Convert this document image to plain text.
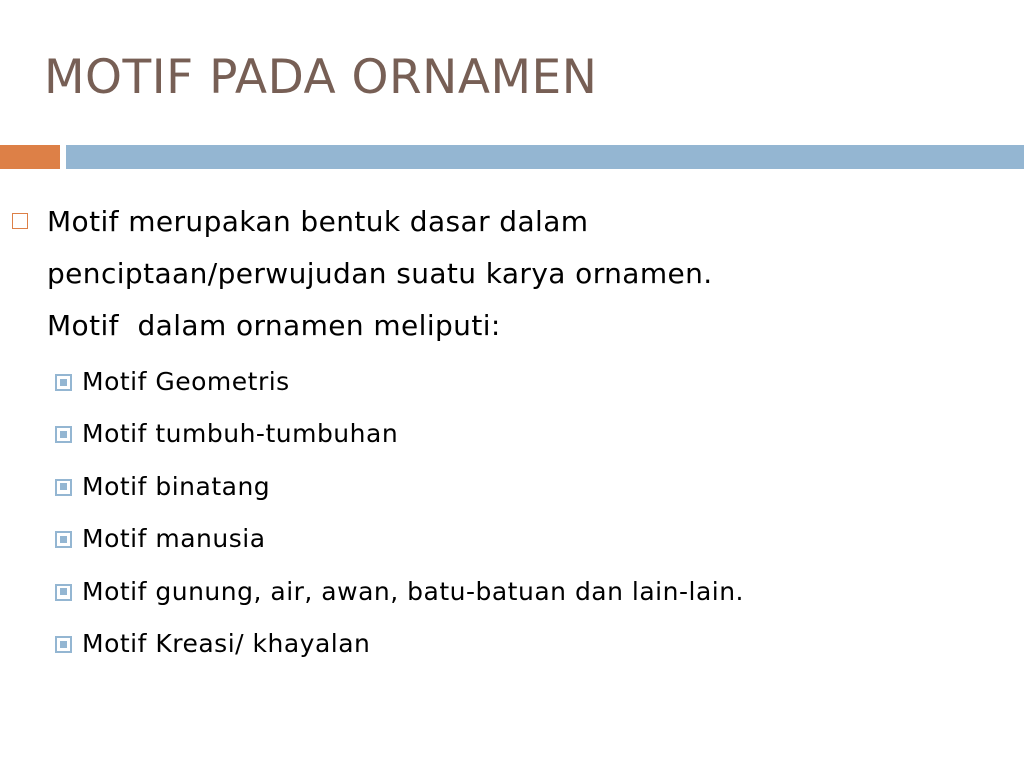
MOTIF PADA ORNAMEN
Motif merupakan bentuk dasar dalam
penciptaan/perwujudan suatu karya ornamen.
Motif  dalam ornamen meliputi:
Motif Geometris
Motif tumbuh-tumbuhan
Motif binatang
Motif manusia
Motif gunung, air, awan, batu-batuan dan lain-lain.
Motif Kreasi/ khayalan
